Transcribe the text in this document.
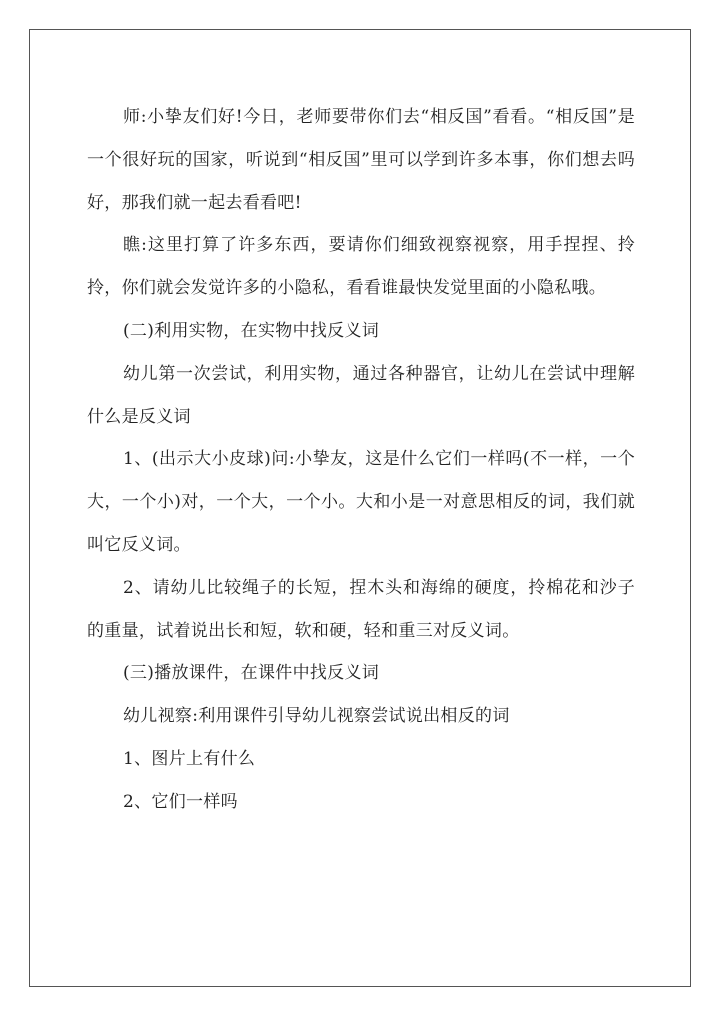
师:小挚友们好!今日，老师要带你们去“相反国”看看。“相反国”是一个很好玩的国家，听说到“相反国”里可以学到许多本事，你们想去吗好，那我们就一起去看看吧!

瞧:这里打算了许多东西，要请你们细致视察视察，用手捏捏、拎拎，你们就会发觉许多的小隐私，看看谁最快发觉里面的小隐私哦。

(二)利用实物，在实物中找反义词

幼儿第一次尝试，利用实物，通过各种器官，让幼儿在尝试中理解什么是反义词

1、(出示大小皮球)问:小挚友，这是什么它们一样吗(不一样，一个大，一个小)对，一个大，一个小。大和小是一对意思相反的词，我们就叫它反义词。

2、请幼儿比较绳子的长短，捏木头和海绵的硬度，拎棉花和沙子的重量，试着说出长和短，软和硬，轻和重三对反义词。

(三)播放课件，在课件中找反义词

幼儿视察:利用课件引导幼儿视察尝试说出相反的词

1、图片上有什么

2、它们一样吗
